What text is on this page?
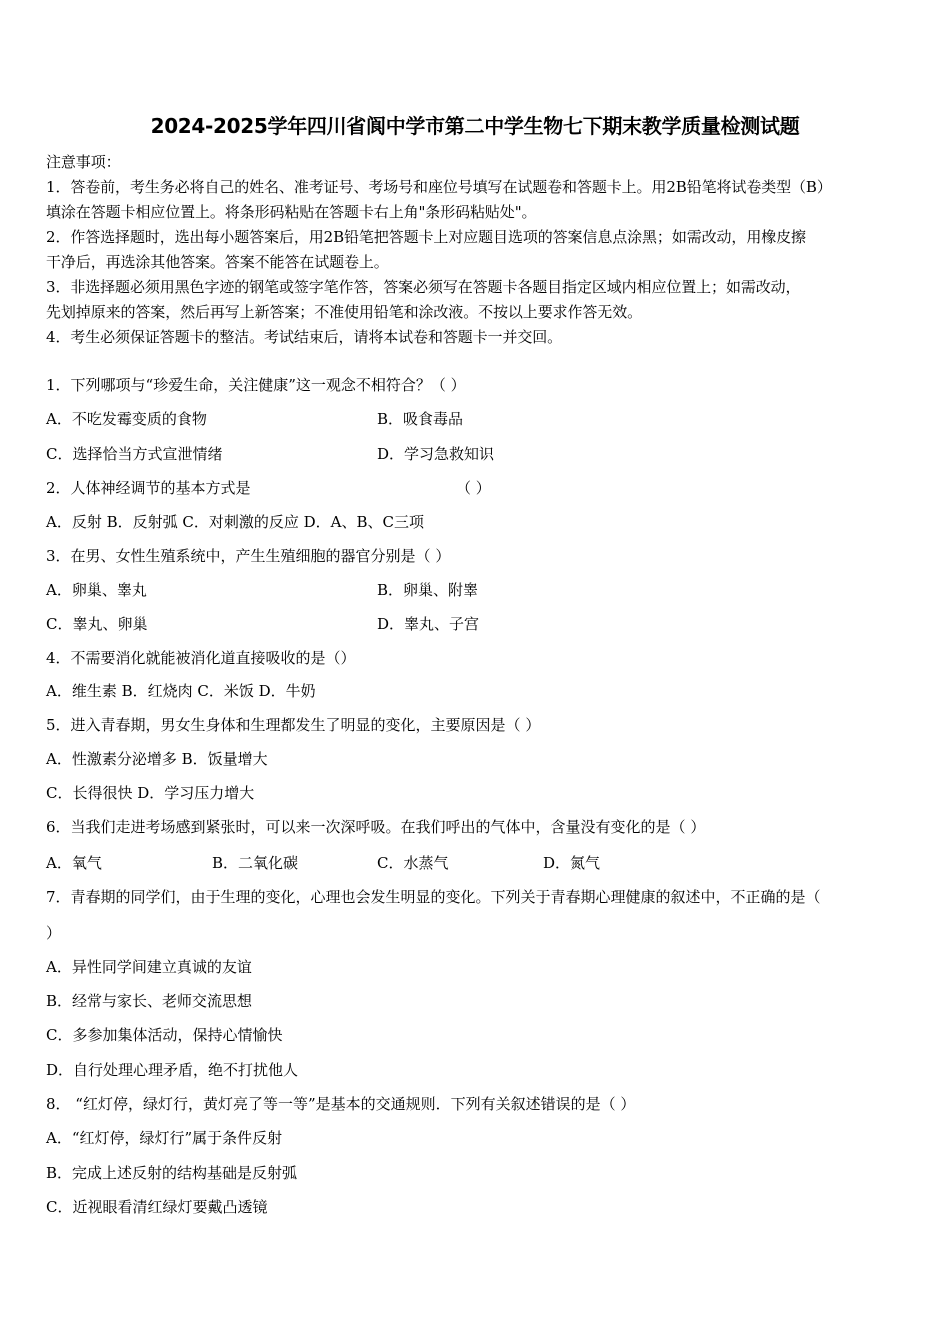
2024-2025学年四川省阆中学市第二中学生物七下期末教学质量检测试题
注意事项：
1．答卷前，考生务必将自己的姓名、准考证号、考场号和座位号填写在试题卷和答题卡上。用2B铅笔将试卷类型（B）
填涂在答题卡相应位置上。将条形码粘贴在答题卡右上角"条形码粘贴处"。
2．作答选择题时，选出每小题答案后，用2B铅笔把答题卡上对应题目选项的答案信息点涂黑；如需改动，用橡皮擦
干净后，再选涂其他答案。答案不能答在试题卷上。
3．非选择题必须用黑色字迹的钢笔或签字笔作答，答案必须写在答题卡各题目指定区域内相应位置上；如需改动，
先划掉原来的答案，然后再写上新答案；不准使用铅笔和涂改液。不按以上要求作答无效。
4．考生必须保证答题卡的整洁。考试结束后，请将本试卷和答题卡一并交回。
1．下列哪项与“珍爱生命，关注健康”这一观念不相符合？（ ）
A．不吃发霉变质的食物	B．吸食毒品
C．选择恰当方式宣泄情绪	D．学习急救知识
2．人体神经调节的基本方式是	（ ）
A．反射 B．反射弧 C．对刺激的反应 D．A、B、C三项
3．在男、女性生殖系统中，产生生殖细胞的器官分别是（ ）
A．卵巢、睾丸	B．卵巢、附睾
C．睾丸、卵巢	D．睾丸、子宫
4．不需要消化就能被消化道直接吸收的是（）
A．维生素 B．红烧肉 C．米饭 D．牛奶
5．进入青春期，男女生身体和生理都发生了明显的变化，主要原因是（ ）
A．性激素分泌增多 B．饭量增大
C．长得很快 D．学习压力增大
6．当我们走进考场感到紧张时，可以来一次深呼吸。在我们呼出的气体中，含量没有变化的是（ ）
A．氧气	B．二氧化碳	C．水蒸气	D．氮气
7．青春期的同学们，由于生理的变化，心理也会发生明显的变化。下列关于青春期心理健康的叙述中，不正确的是（
）
A．异性同学间建立真诚的友谊
B．经常与家长、老师交流思想
C．多参加集体活动，保持心情愉快
D．自行处理心理矛盾，绝不打扰他人
8． “红灯停，绿灯行，黄灯亮了等一等”是基本的交通规则．下列有关叙述错误的是（ ）
A．“红灯停，绿灯行”属于条件反射
B．完成上述反射的结构基础是反射弧
C．近视眼看清红绿灯要戴凸透镜
